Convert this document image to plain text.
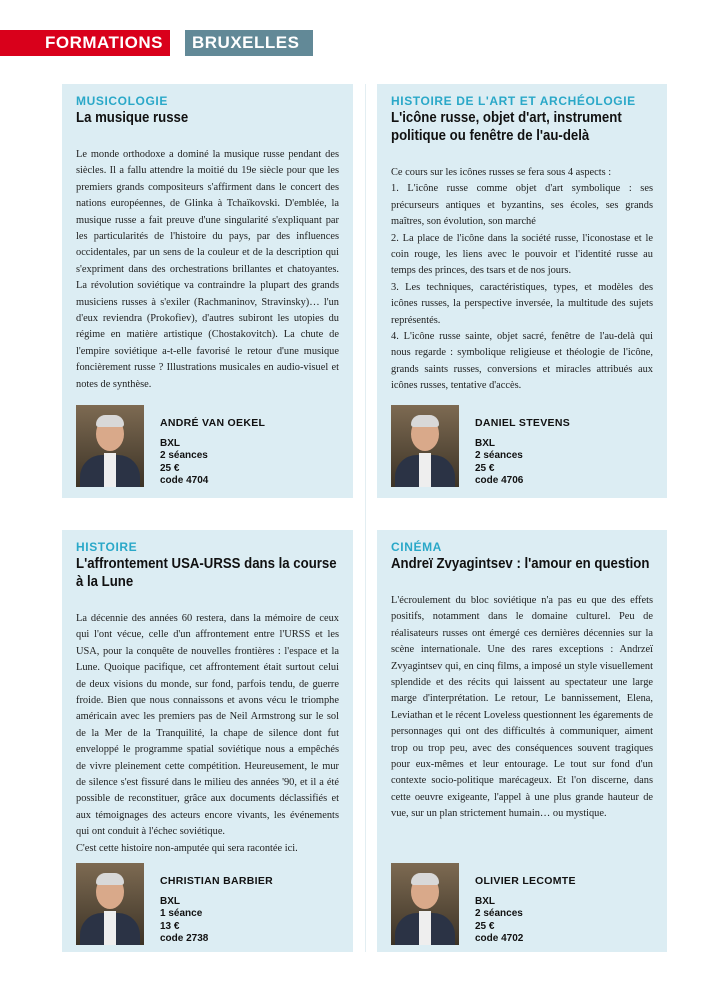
FORMATIONS	BRUXELLES
MUSICOLOGIE
La musique russe

Le monde orthodoxe a dominé la musique russe pendant des siècles. Il a fallu attendre la moitié du 19e siècle pour que les premiers grands compositeurs s'affirment dans le concert des nations européennes, de Glinka à Tchaïkovski. D'emblée, la musique russe a fait preuve d'une singularité s'expliquant par les particularités de l'histoire du pays, par des influences occidentales, par un sens de la couleur et de la description qui s'expriment dans des orchestrations brillantes et chatoyantes. La révolution soviétique va contraindre la plupart des grands musiciens russes à s'exiler (Rachmaninov, Stravinsky)… l'un d'eux reviendra (Prokofiev), d'autres subiront les utopies du régime en matière artistique (Chostakovitch). La chute de l'empire soviétique a-t-elle favorisé le retour d'une musique foncièrement russe ? Illustrations musicales en audio-visuel et notes de synthèse.

ANDRÉ VAN OEKEL
BXL
2 séances
25 €
code 4704
HISTOIRE DE L'ART ET ARCHÉOLOGIE
L'icône russe, objet d'art, instrument politique ou fenêtre de l'au-delà

Ce cours sur les icônes russes se fera sous 4 aspects :

1. L'icône russe comme objet d'art symbolique : ses précurseurs antiques et byzantins, ses écoles, ses grands maîtres, son évolution, son marché

2. La place de l'icône dans la société russe, l'iconostase et le coin rouge, les liens avec le pouvoir et l'identité russe au temps des princes, des tsars et de nos jours.

3. Les techniques, caractéristiques, types, et modèles des icônes russes, la perspective inversée, la multitude des sujets représentés.

4. L'icône russe sainte, objet sacré, fenêtre de l'au-delà qui nous regarde : symbolique religieuse et théologie de l'icône, grands saints russes, conversions et miracles attribués aux icônes russes, tentative d'accès.

DANIEL STEVENS
BXL
2 séances
25 €
code 4706
HISTOIRE
L'affrontement USA-URSS dans la course à la Lune

La décennie des années 60 restera, dans la mémoire de ceux qui l'ont vécue, celle d'un affrontement entre l'URSS et les USA, pour la conquête de nouvelles frontières : l'espace et la Lune. Quoique pacifique, cet affrontement était surtout celui de deux visions du monde, sur fond, parfois tendu, de guerre froide. Bien que nous connaissons et avons vécu le triomphe américain avec les premiers pas de Neil Armstrong sur le sol de la Mer de la Tranquilité, la chape de silence dont fut enveloppé le programme spatial soviétique nous a empêchés de vivre pleinement cette compétition. Heureusement, le mur de silence s'est fissuré dans le milieu des années '90, et il a été possible de reconstituer, grâce aux documents déclassifiés et aux témoignages des acteurs encore vivants, les événements qui ont conduit à l'échec soviétique.

C'est cette histoire non-amputée qui sera racontée ici.

CHRISTIAN BARBIER
BXL
1 séance
13 €
code 2738
CINÉMA
Andreï Zvyagintsev : l'amour en question

L'écroulement du bloc soviétique n'a pas eu que des effets positifs, notamment dans le domaine culturel. Peu de réalisateurs russes ont émergé ces dernières décennies sur la scène internationale. Une des rares exceptions : Andrzeï Zvyagintsev qui, en cinq films, a imposé un style visuellement splendide et des récits qui laissent au spectateur une large marge d'interprétation. Le retour, Le bannissement, Elena, Leviathan et le récent Loveless questionnent les égarements de personnages qui ont des difficultés à communiquer, aiment trop ou trop peu, avec des conséquences souvent tragiques pour eux-mêmes et leur entourage. Le tout sur fond d'un contexte socio-politique marécageux. Et l'on discerne, dans cette oeuvre exigeante, l'appel à une plus grande hauteur de vue, sur un plan strictement humain… ou mystique.

OLIVIER LECOMTE
BXL
2 séances
25 €
code 4702
